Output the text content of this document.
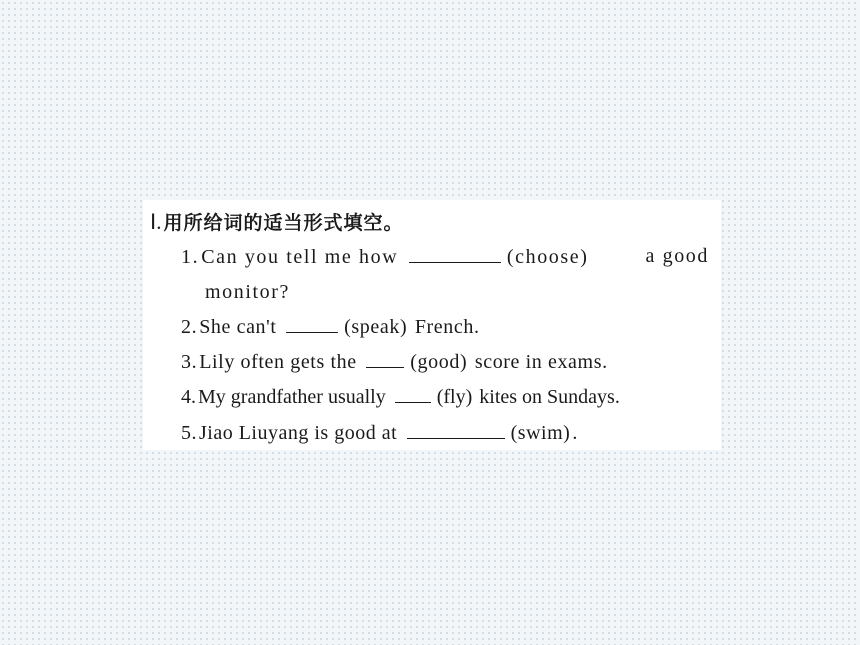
Ⅰ. 用所给词的适当形式填空。
1. Can you tell me how	(choose)	a good
monitor?
2. She can't	(speak) French.
3. Lily often gets the	(good) score in exams.
4. My grandfather usually	(fly) kites on Sundays.
5. Jiao Liuyang is good at	(swim) .
